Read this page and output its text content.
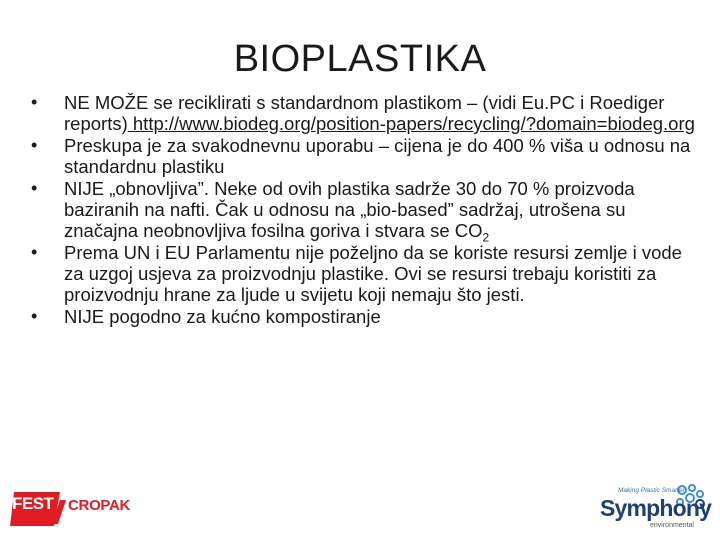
BIOPLASTIKA
• NE MOŽE se reciklirati s standardnom plastikom – (vidi Eu.PC i Roediger reports) http://www.biodeg.org/position-papers/recycling/?domain=biodeg.org
• Preskupa je za svakodnevnu uporabu – cijena je do 400 % viša u odnosu na standardnu plastiku
• NIJE „obnovljiva”. Neke od ovih plastika sadrže 30 do 70 % proizvoda baziranih na nafti. Čak u odnosu na „bio-based” sadržaj, utrošena su značajna neobnovljiva fosilna goriva i stvara se $CO_2$
• Prema UN i EU Parlamentu nije poželjno da se koriste resursi zemlje i vode za uzgoj usjeva za proizvodnju plastike. Ovi se resursi trebaju koristiti za proizvodnju hrane za ljude u svijetu koji nemaju što jesti.
• NIJE pogodno za kućno kompostiranje
FEST CROPAK
Making Plastic Smarter
Symphony
environmental
